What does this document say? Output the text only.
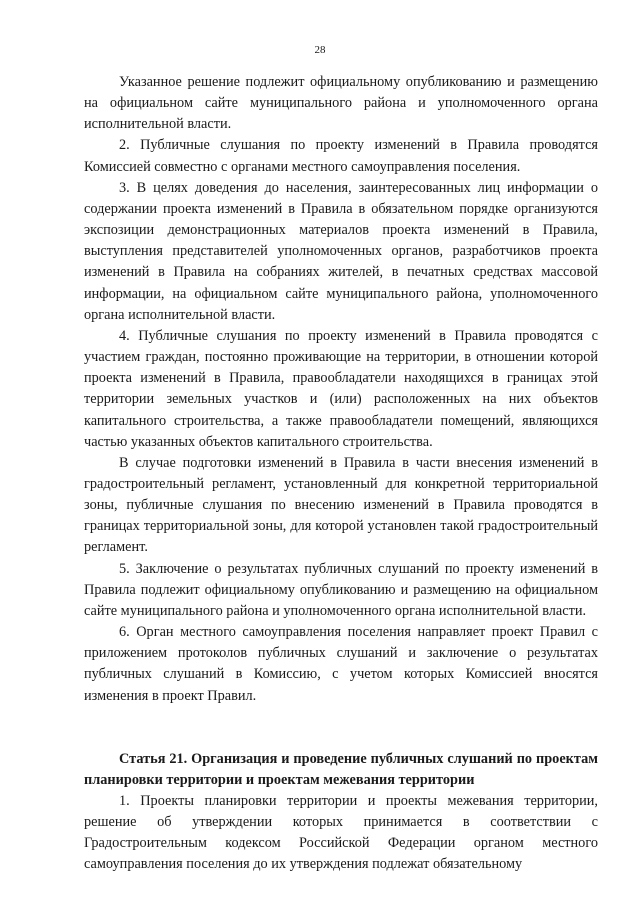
28

Указанное решение подлежит официальному опубликованию и размещению на официальном сайте муниципального района и уполномоченного органа исполнительной власти.

2. Публичные слушания по проекту изменений в Правила проводятся Комиссией совместно с органами местного самоуправления поселения.

3. В целях доведения до населения, заинтересованных лиц информации о содержании проекта изменений в Правила в обязательном порядке организуются экспозиции демонстрационных материалов проекта изменений в Правила, выступления представителей уполномоченных органов, разработчиков проекта изменений в Правила на собраниях жителей, в печатных средствах массовой информации, на официальном сайте муниципального района, уполномоченного органа исполнительной власти.

4. Публичные слушания по проекту изменений в Правила проводятся с участием граждан, постоянно проживающие на территории, в отношении которой проекта изменений в Правила, правообладатели находящихся в границах этой территории земельных участков и (или) расположенных на них объектов капитального строительства, а также правообладатели помещений, являющихся частью указанных объектов капитального строительства.

В случае подготовки изменений в Правила в части внесения изменений в градостроительный регламент, установленный для конкретной территориальной зоны, публичные слушания по внесению изменений в Правила проводятся в границах территориальной зоны, для которой установлен такой градостроительный регламент.

5. Заключение о результатах публичных слушаний по проекту изменений в Правила подлежит официальному опубликованию и размещению на официальном сайте муниципального района и уполномоченного органа исполнительной власти.

6. Орган местного самоуправления поселения направляет проект Правил с приложением протоколов публичных слушаний и заключение о результатах публичных слушаний в Комиссию, с учетом которых Комиссией вносятся изменения в проект Правил.

Статья 21. Организация и проведение публичных слушаний по проектам планировки территории и проектам межевания территории

1. Проекты планировки территории и проекты межевания территории, решение об утверждении которых принимается в соответствии с Градостроительным кодексом Российской Федерации органом местного самоуправления поселения до их утверждения подлежат обязательному
